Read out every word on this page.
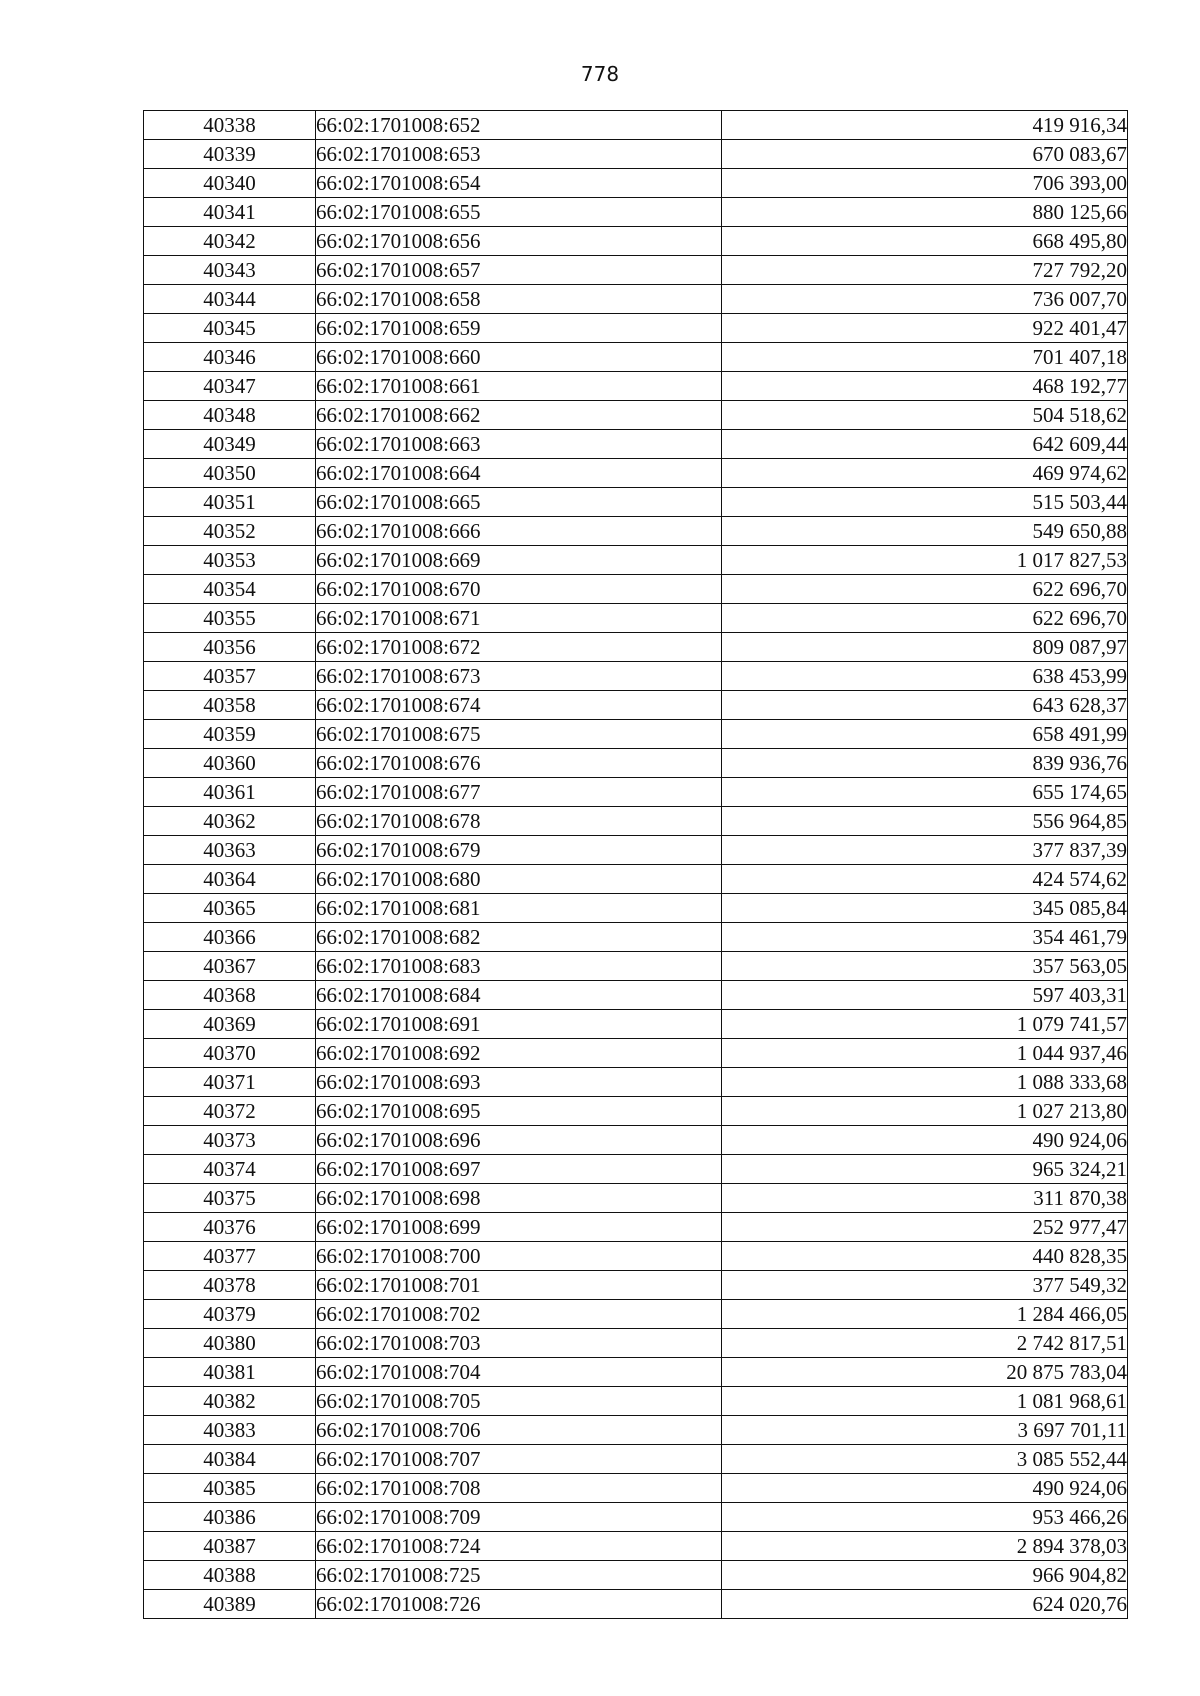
778
40338	66:02:1701008:652	419 916,34
40339	66:02:1701008:653	670 083,67
40340	66:02:1701008:654	706 393,00
40341	66:02:1701008:655	880 125,66
40342	66:02:1701008:656	668 495,80
40343	66:02:1701008:657	727 792,20
40344	66:02:1701008:658	736 007,70
40345	66:02:1701008:659	922 401,47
40346	66:02:1701008:660	701 407,18
40347	66:02:1701008:661	468 192,77
40348	66:02:1701008:662	504 518,62
40349	66:02:1701008:663	642 609,44
40350	66:02:1701008:664	469 974,62
40351	66:02:1701008:665	515 503,44
40352	66:02:1701008:666	549 650,88
40353	66:02:1701008:669	1 017 827,53
40354	66:02:1701008:670	622 696,70
40355	66:02:1701008:671	622 696,70
40356	66:02:1701008:672	809 087,97
40357	66:02:1701008:673	638 453,99
40358	66:02:1701008:674	643 628,37
40359	66:02:1701008:675	658 491,99
40360	66:02:1701008:676	839 936,76
40361	66:02:1701008:677	655 174,65
40362	66:02:1701008:678	556 964,85
40363	66:02:1701008:679	377 837,39
40364	66:02:1701008:680	424 574,62
40365	66:02:1701008:681	345 085,84
40366	66:02:1701008:682	354 461,79
40367	66:02:1701008:683	357 563,05
40368	66:02:1701008:684	597 403,31
40369	66:02:1701008:691	1 079 741,57
40370	66:02:1701008:692	1 044 937,46
40371	66:02:1701008:693	1 088 333,68
40372	66:02:1701008:695	1 027 213,80
40373	66:02:1701008:696	490 924,06
40374	66:02:1701008:697	965 324,21
40375	66:02:1701008:698	311 870,38
40376	66:02:1701008:699	252 977,47
40377	66:02:1701008:700	440 828,35
40378	66:02:1701008:701	377 549,32
40379	66:02:1701008:702	1 284 466,05
40380	66:02:1701008:703	2 742 817,51
40381	66:02:1701008:704	20 875 783,04
40382	66:02:1701008:705	1 081 968,61
40383	66:02:1701008:706	3 697 701,11
40384	66:02:1701008:707	3 085 552,44
40385	66:02:1701008:708	490 924,06
40386	66:02:1701008:709	953 466,26
40387	66:02:1701008:724	2 894 378,03
40388	66:02:1701008:725	966 904,82
40389	66:02:1701008:726	624 020,76
